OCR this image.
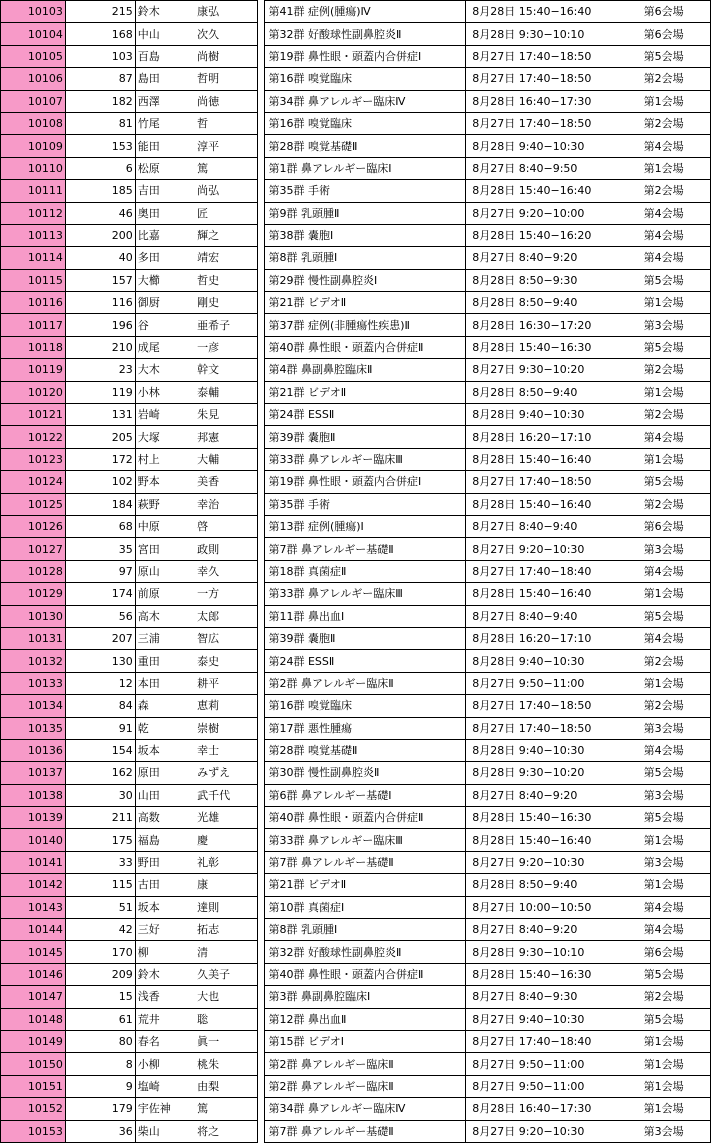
10103	215	鈴木	康弘		第41群 症例(腫瘍)Ⅳ	8月28日 15:40−16:40	第6会場
10104	168	中山	次久		第32群 好酸球性副鼻腔炎Ⅱ	8月28日 9:30−10:10	第6会場
10105	103	百島	尚樹		第19群 鼻性眼・頭蓋内合併症Ⅰ	8月27日 17:40−18:50	第5会場
10106	87	島田	哲明		第16群 嗅覚臨床	8月27日 17:40−18:50	第2会場
10107	182	西澤	尚徳		第34群 鼻アレルギー臨床Ⅳ	8月28日 16:40−17:30	第1会場
10108	81	竹尾	哲		第16群 嗅覚臨床	8月27日 17:40−18:50	第2会場
10109	153	能田	淳平		第28群 嗅覚基礎Ⅱ	8月28日 9:40−10:30	第4会場
10110	6	松原	篤		第1群 鼻アレルギー臨床Ⅰ	8月27日 8:40−9:50	第1会場
10111	185	吉田	尚弘		第35群 手術	8月28日 15:40−16:40	第2会場
10112	46	奥田	匠		第9群 乳頭腫Ⅱ	8月27日 9:20−10:00	第4会場
10113	200	比嘉	輝之		第38群 嚢胞Ⅰ	8月28日 15:40−16:20	第4会場
10114	40	多田	靖宏		第8群 乳頭腫Ⅰ	8月27日 8:40−9:20	第4会場
10115	157	大櫛	哲史		第29群 慢性副鼻腔炎Ⅰ	8月28日 8:50−9:30	第5会場
10116	116	御厨	剛史		第21群 ビデオⅡ	8月28日 8:50−9:40	第1会場
10117	196	谷	亜希子		第37群 症例(非腫瘍性疾患)Ⅱ	8月28日 16:30−17:20	第3会場
10118	210	成尾	一彦		第40群 鼻性眼・頭蓋内合併症Ⅱ	8月28日 15:40−16:30	第5会場
10119	23	大木	幹文		第4群 鼻副鼻腔臨床Ⅱ	8月27日 9:30−10:20	第2会場
10120	119	小林	泰輔		第21群 ビデオⅡ	8月28日 8:50−9:40	第1会場
10121	131	岩崎	朱見		第24群 ESSⅡ	8月28日 9:40−10:30	第2会場
10122	205	大塚	邦憲		第39群 嚢胞Ⅱ	8月28日 16:20−17:10	第4会場
10123	172	村上	大輔		第33群 鼻アレルギー臨床Ⅲ	8月28日 15:40−16:40	第1会場
10124	102	野本	美香		第19群 鼻性眼・頭蓋内合併症Ⅰ	8月27日 17:40−18:50	第5会場
10125	184	萩野	幸治		第35群 手術	8月28日 15:40−16:40	第2会場
10126	68	中原	啓		第13群 症例(腫瘍)Ⅰ	8月27日 8:40−9:40	第6会場
10127	35	宮田	政則		第7群 鼻アレルギー基礎Ⅱ	8月27日 9:20−10:30	第3会場
10128	97	原山	幸久		第18群 真菌症Ⅱ	8月27日 17:40−18:40	第4会場
10129	174	前原	一方		第33群 鼻アレルギー臨床Ⅲ	8月28日 15:40−16:40	第1会場
10130	56	高木	太郎		第11群 鼻出血Ⅰ	8月27日 8:40−9:40	第5会場
10131	207	三浦	智広		第39群 嚢胞Ⅱ	8月28日 16:20−17:10	第4会場
10132	130	重田	泰史		第24群 ESSⅡ	8月28日 9:40−10:30	第2会場
10133	12	本田	耕平		第2群 鼻アレルギー臨床Ⅱ	8月27日 9:50−11:00	第1会場
10134	84	森	恵莉		第16群 嗅覚臨床	8月27日 17:40−18:50	第2会場
10135	91	乾	崇樹		第17群 悪性腫瘍	8月27日 17:40−18:50	第3会場
10136	154	坂本	幸士		第28群 嗅覚基礎Ⅱ	8月28日 9:40−10:30	第4会場
10137	162	原田	みずえ		第30群 慢性副鼻腔炎Ⅱ	8月28日 9:30−10:20	第5会場
10138	30	山田	武千代		第6群 鼻アレルギー基礎Ⅰ	8月27日 8:40−9:20	第3会場
10139	211	高数	光雄		第40群 鼻性眼・頭蓋内合併症Ⅱ	8月28日 15:40−16:30	第5会場
10140	175	福島	慶		第33群 鼻アレルギー臨床Ⅲ	8月28日 15:40−16:40	第1会場
10141	33	野田	礼彰		第7群 鼻アレルギー基礎Ⅱ	8月27日 9:20−10:30	第3会場
10142	115	古田	康		第21群 ビデオⅡ	8月28日 8:50−9:40	第1会場
10143	51	坂本	達則		第10群 真菌症Ⅰ	8月27日 10:00−10:50	第4会場
10144	42	三好	拓志		第8群 乳頭腫Ⅰ	8月27日 8:40−9:20	第4会場
10145	170	柳	清		第32群 好酸球性副鼻腔炎Ⅱ	8月28日 9:30−10:10	第6会場
10146	209	鈴木	久美子		第40群 鼻性眼・頭蓋内合併症Ⅱ	8月28日 15:40−16:30	第5会場
10147	15	浅香	大也		第3群 鼻副鼻腔臨床Ⅰ	8月27日 8:40−9:30	第2会場
10148	61	荒井	聡		第12群 鼻出血Ⅱ	8月27日 9:40−10:30	第5会場
10149	80	春名	眞一		第15群 ビデオⅠ	8月27日 17:40−18:40	第1会場
10150	8	小柳	桃朱		第2群 鼻アレルギー臨床Ⅱ	8月27日 9:50−11:00	第1会場
10151	9	塩崎	由梨		第2群 鼻アレルギー臨床Ⅱ	8月27日 9:50−11:00	第1会場
10152	179	宇佐神	篤		第34群 鼻アレルギー臨床Ⅳ	8月28日 16:40−17:30	第1会場
10153	36	柴山	将之		第7群 鼻アレルギー基礎Ⅱ	8月27日 9:20−10:30	第3会場
